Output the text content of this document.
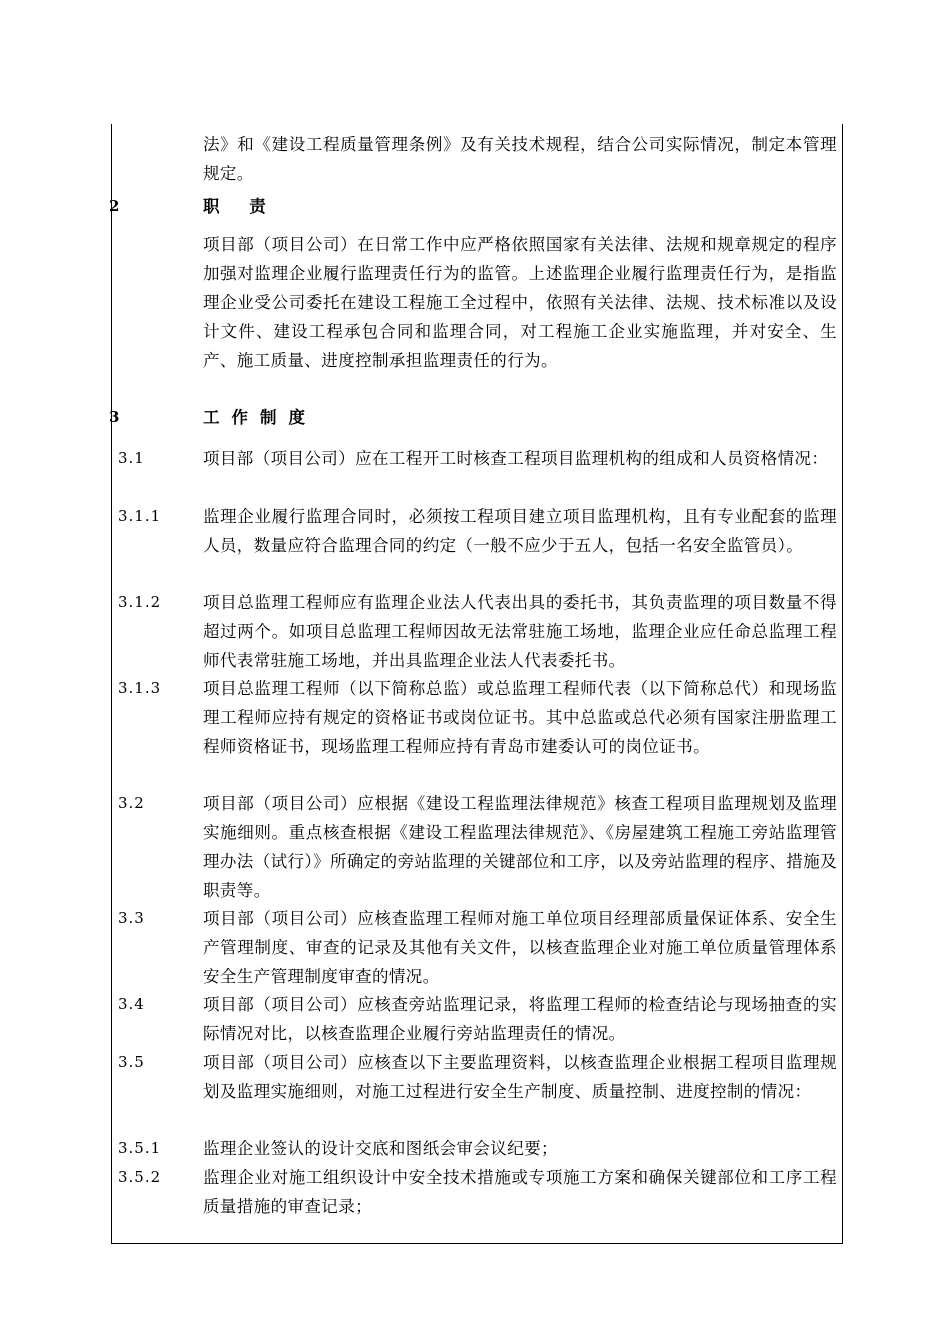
法》和《建设工程质量管理条例》及有关技术规程，结合公司实际情况，制定本管理规定。
2	职 责
项目部（项目公司）在日常工作中应严格依照国家有关法律、法规和规章规定的程序加强对监理企业履行监理责任行为的监管。上述监理企业履行监理责任行为，是指监理企业受公司委托在建设工程施工全过程中，依照有关法律、法规、技术标准以及设计文件、建设工程承包合同和监理合同，对工程施工企业实施监理，并对安全、生产、施工质量、进度控制承担监理责任的行为。
3	工作制度
3.1	项目部（项目公司）应在工程开工时核查工程项目监理机构的组成和人员资格情况：
3.1.1	监理企业履行监理合同时，必须按工程项目建立项目监理机构，且有专业配套的监理人员，数量应符合监理合同的约定（一般不应少于五人，包括一名安全监管员）。
3.1.2	项目总监理工程师应有监理企业法人代表出具的委托书，其负责监理的项目数量不得超过两个。如项目总监理工程师因故无法常驻施工场地，监理企业应任命总监理工程师代表常驻施工场地，并出具监理企业法人代表委托书。
3.1.3	项目总监理工程师（以下简称总监）或总监理工程师代表（以下简称总代）和现场监理工程师应持有规定的资格证书或岗位证书。其中总监或总代必须有国家注册监理工程师资格证书，现场监理工程师应持有青岛市建委认可的岗位证书。
3.2	项目部（项目公司）应根据《建设工程监理法律规范》核查工程项目监理规划及监理实施细则。重点核查根据《建设工程监理法律规范》、《房屋建筑工程施工旁站监理管理办法（试行）》所确定的旁站监理的关键部位和工序，以及旁站监理的程序、措施及职责等。
3.3	项目部（项目公司）应核查监理工程师对施工单位项目经理部质量保证体系、安全生产管理制度、审查的记录及其他有关文件，以核查监理企业对施工单位质量管理体系安全生产管理制度审查的情况。
3.4	项目部（项目公司）应核查旁站监理记录，将监理工程师的检查结论与现场抽查的实际情况对比，以核查监理企业履行旁站监理责任的情况。
3.5	项目部（项目公司）应核查以下主要监理资料，以核查监理企业根据工程项目监理规划及监理实施细则，对施工过程进行安全生产制度、质量控制、进度控制的情况：
3.5.1	监理企业签认的设计交底和图纸会审会议纪要；
3.5.2	监理企业对施工组织设计中安全技术措施或专项施工方案和确保关键部位和工序工程质量措施的审查记录；
